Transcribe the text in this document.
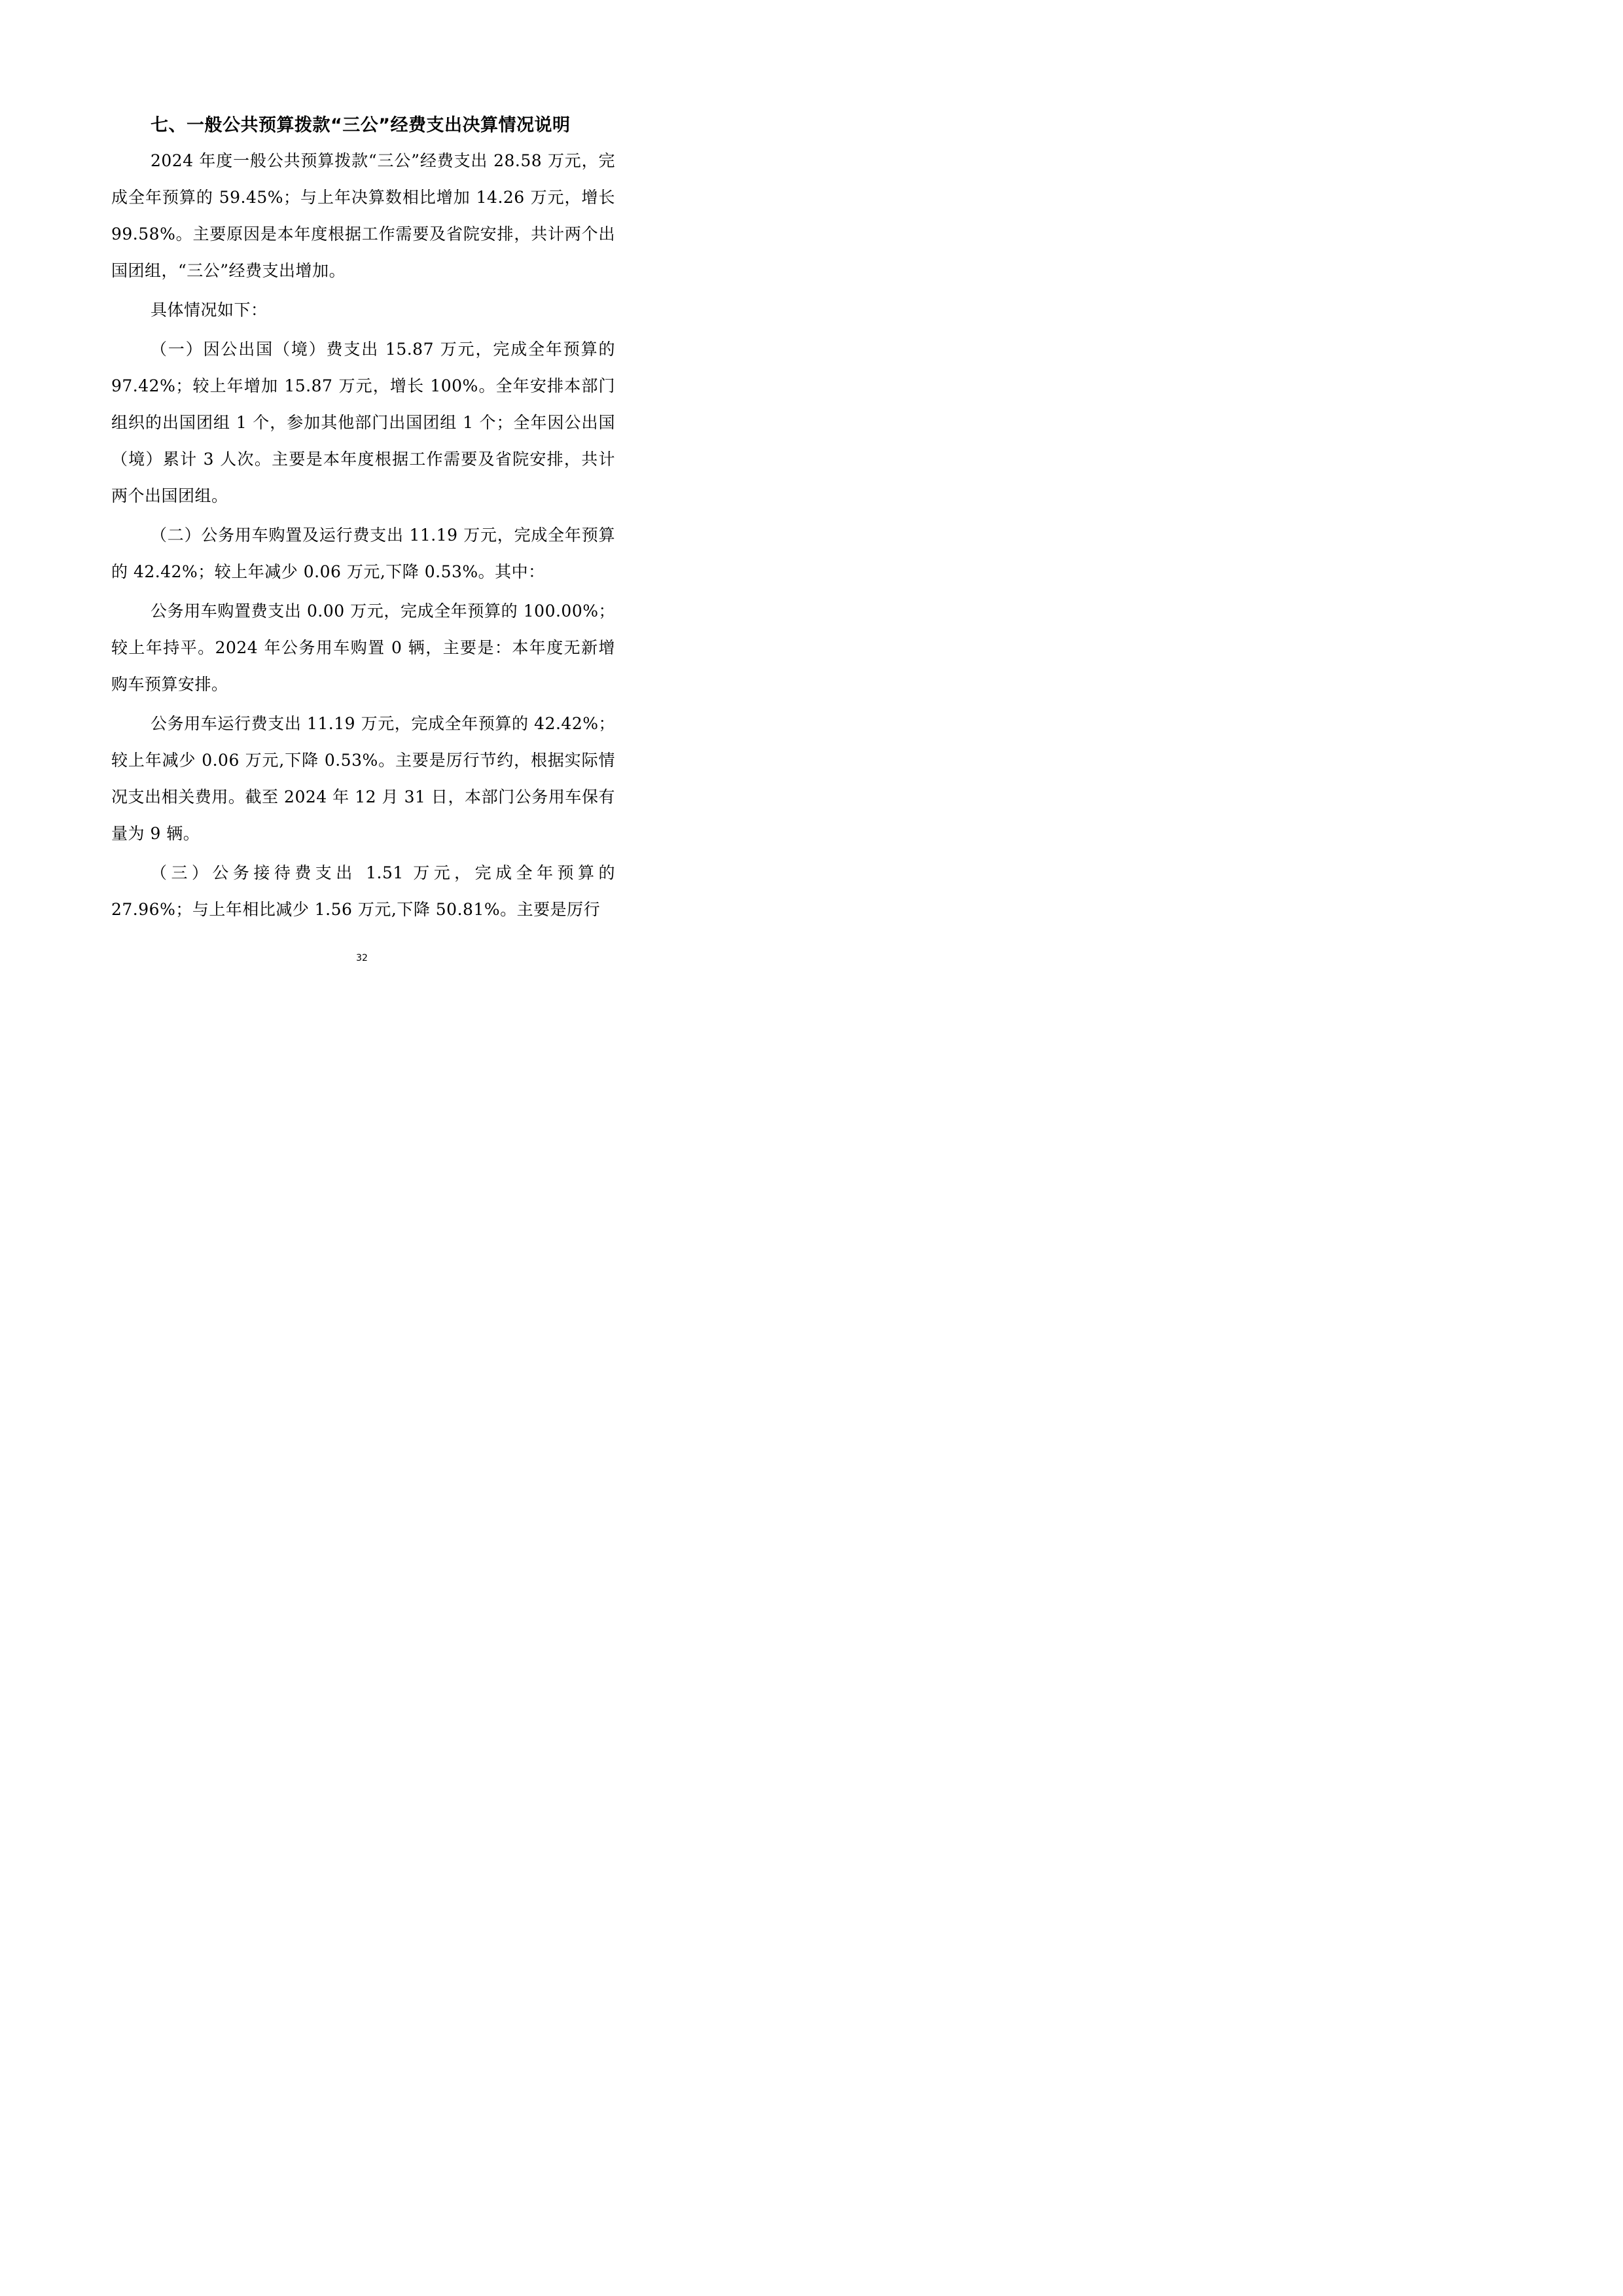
七、一般公共预算拨款“三公”经费支出决算情况说明

2024 年度一般公共预算拨款“三公”经费支出 28.58 万元，完成全年预算的 59.45%；与上年决算数相比增加 14.26 万元，增长 99.58%。主要原因是本年度根据工作需要及省院安排，共计两个出国团组，“三公”经费支出增加。

具体情况如下：

（一）因公出国（境）费支出 15.87 万元，完成全年预算的 97.42%；较上年增加 15.87 万元，增长 100%。全年安排本部门组织的出国团组 1 个，参加其他部门出国团组 1 个；全年因公出国（境）累计 3 人次。主要是本年度根据工作需要及省院安排，共计两个出国团组。

（二）公务用车购置及运行费支出 11.19 万元，完成全年预算的 42.42%；较上年减少 0.06 万元,下降 0.53%。其中：

公务用车购置费支出 0.00 万元，完成全年预算的 100.00%；较上年持平。2024 年公务用车购置 0 辆，主要是：本年度无新增购车预算安排。

公务用车运行费支出 11.19 万元，完成全年预算的 42.42%；较上年减少 0.06 万元,下降 0.53%。主要是厉行节约，根据实际情况支出相关费用。截至 2024 年 12 月 31 日，本部门公务用车保有量为 9 辆。

（三）公务接待费支出 1.51 万元，完成全年预算的 27.96%；与上年相比减少 1.56 万元,下降 50.81%。主要是厉行

32
